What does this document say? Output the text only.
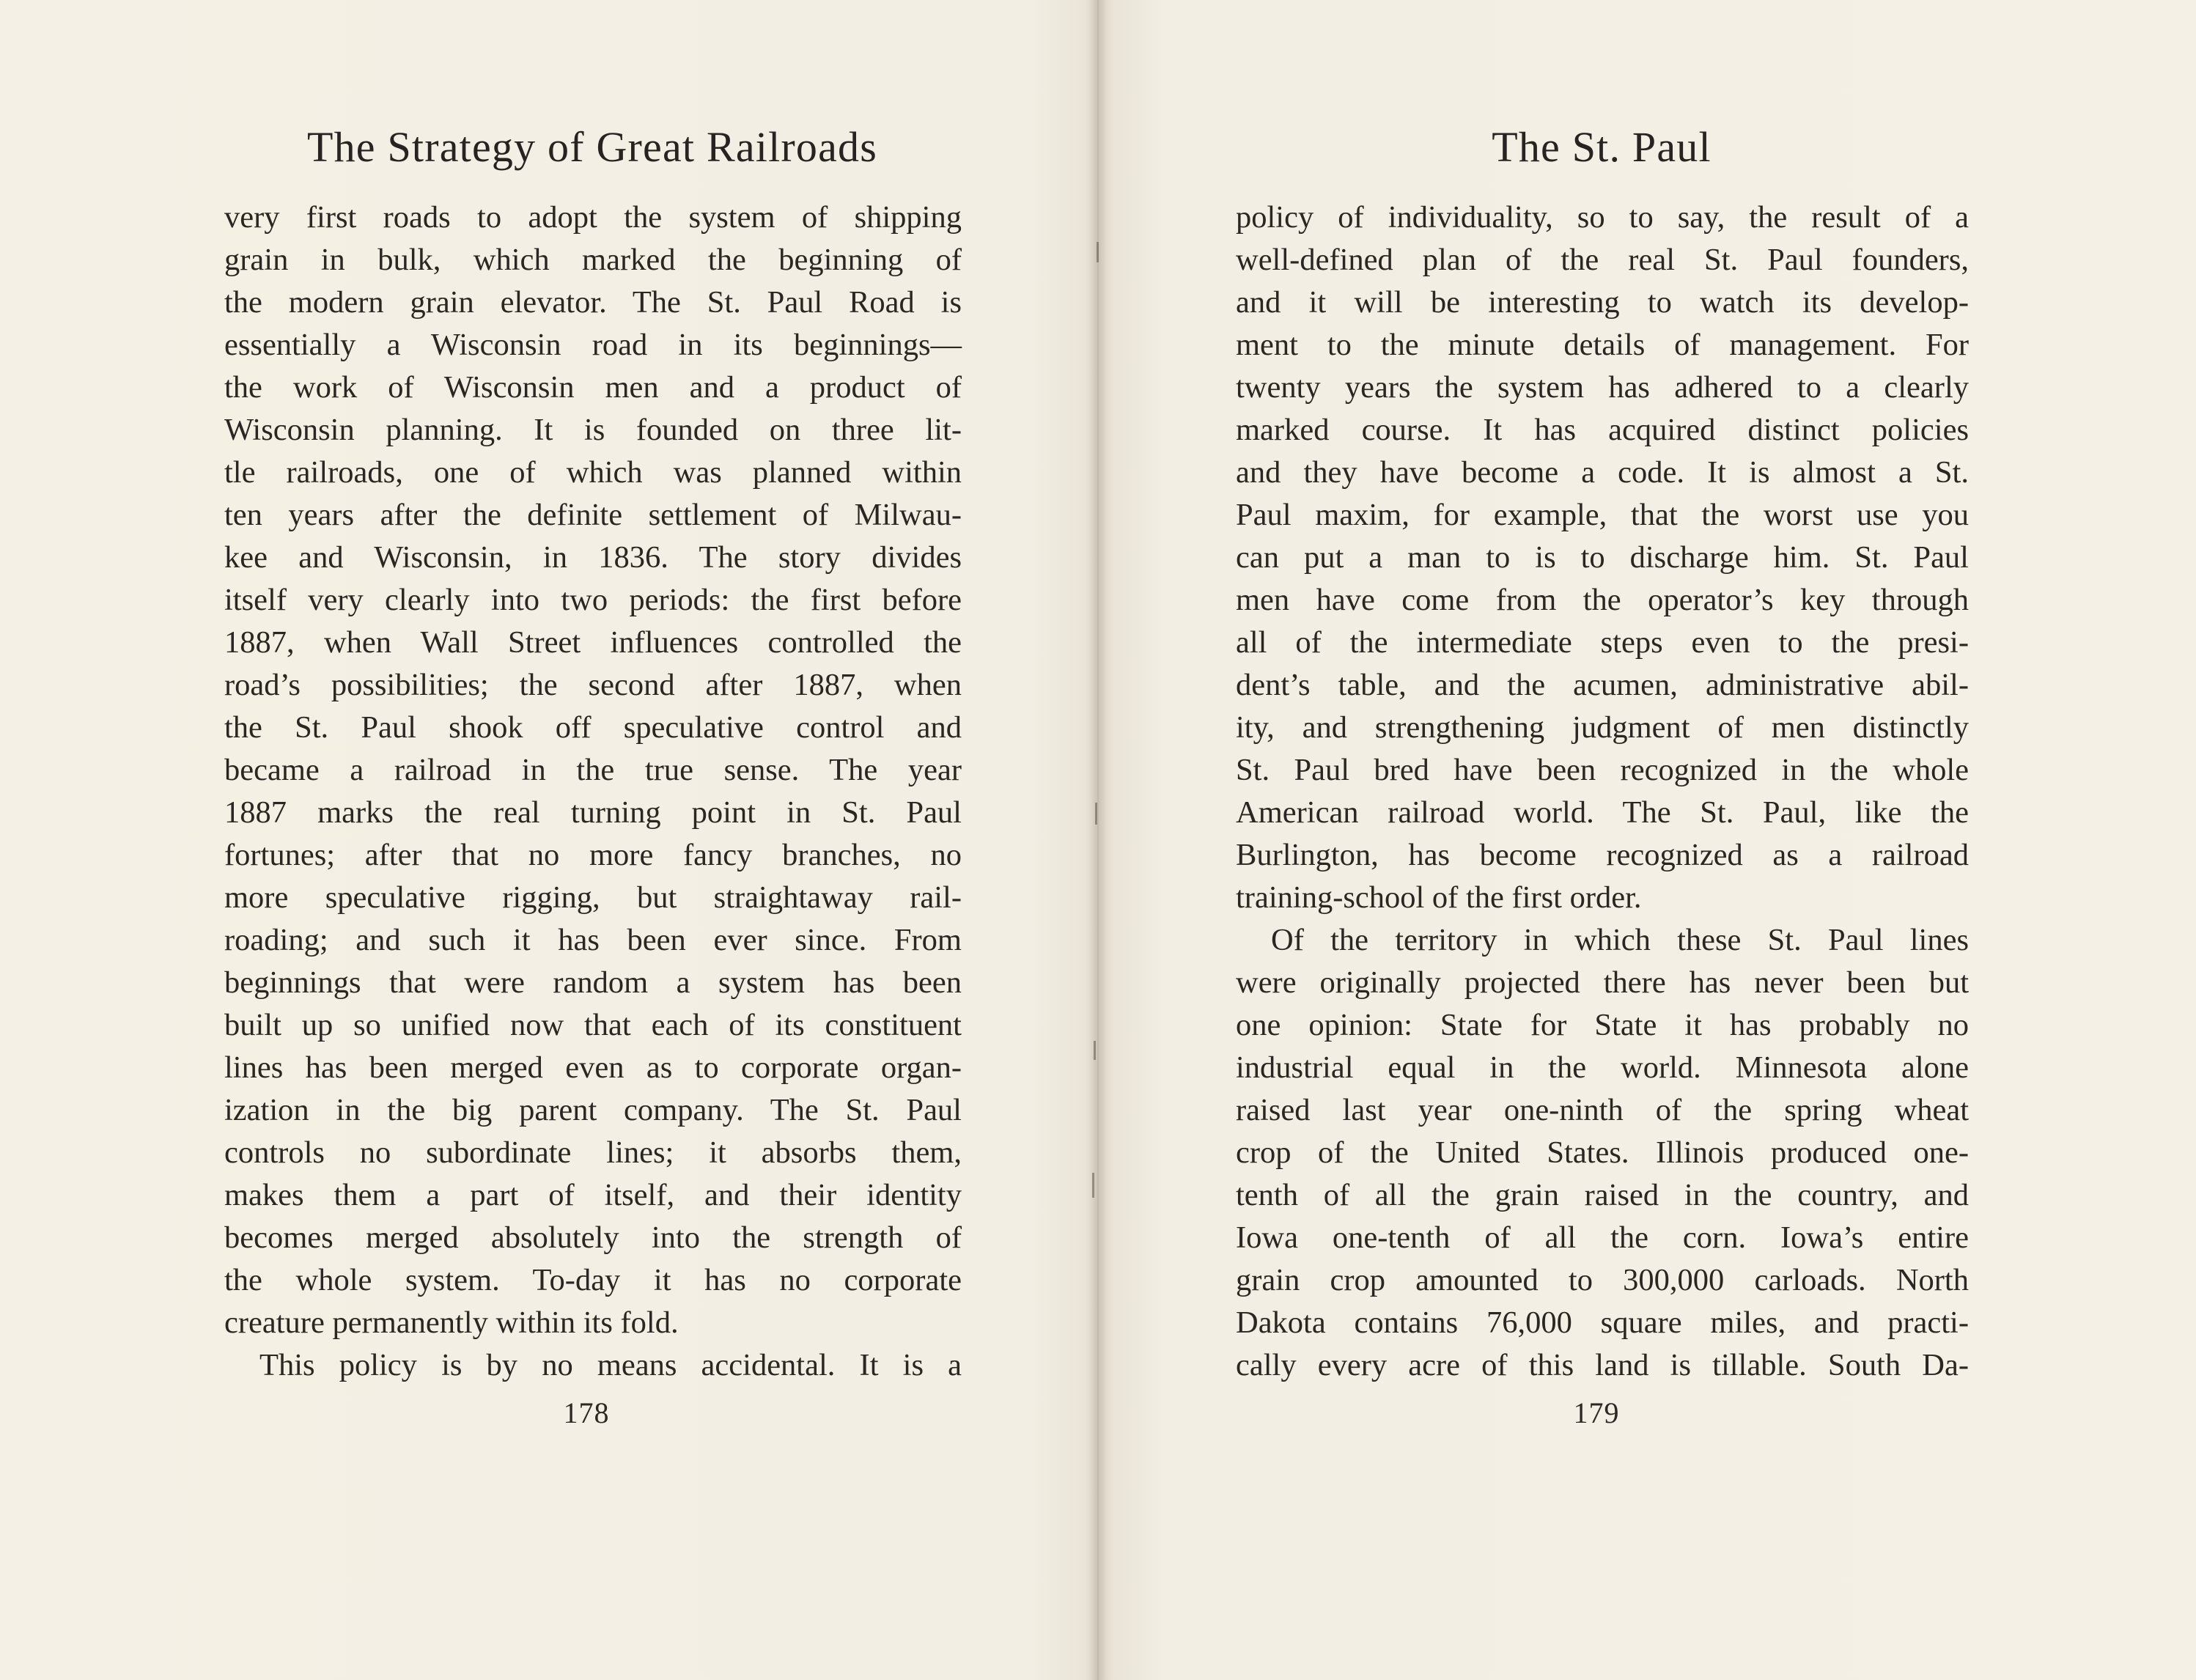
The Strategy of Great Railroads
very first roads to adopt the system of shipping
grain in bulk, which marked the beginning of
the modern grain elevator. The St. Paul Road is
essentially a Wisconsin road in its beginnings—
the work of Wisconsin men and a product of
Wisconsin planning. It is founded on three lit-
tle railroads, one of which was planned within
ten years after the definite settlement of Milwau-
kee and Wisconsin, in 1836. The story divides
itself very clearly into two periods: the first before
1887, when Wall Street influences controlled the
road’s possibilities; the second after 1887, when
the St. Paul shook off speculative control and
became a railroad in the true sense. The year
1887 marks the real turning point in St. Paul
fortunes; after that no more fancy branches, no
more speculative rigging, but straightaway rail-
roading; and such it has been ever since. From
beginnings that were random a system has been
built up so unified now that each of its constituent
lines has been merged even as to corporate organ-
ization in the big parent company. The St. Paul
controls no subordinate lines; it absorbs them,
makes them a part of itself, and their identity
becomes merged absolutely into the strength of
the whole system. To-day it has no corporate
creature permanently within its fold.
This policy is by no means accidental. It is a
178
The St. Paul
policy of individuality, so to say, the result of a
well-defined plan of the real St. Paul founders,
and it will be interesting to watch its develop-
ment to the minute details of management. For
twenty years the system has adhered to a clearly
marked course. It has acquired distinct policies
and they have become a code. It is almost a St.
Paul maxim, for example, that the worst use you
can put a man to is to discharge him. St. Paul
men have come from the operator’s key through
all of the intermediate steps even to the presi-
dent’s table, and the acumen, administrative abil-
ity, and strengthening judgment of men distinctly
St. Paul bred have been recognized in the whole
American railroad world. The St. Paul, like the
Burlington, has become recognized as a railroad
training-school of the first order.
Of the territory in which these St. Paul lines
were originally projected there has never been but
one opinion: State for State it has probably no
industrial equal in the world. Minnesota alone
raised last year one-ninth of the spring wheat
crop of the United States. Illinois produced one-
tenth of all the grain raised in the country, and
Iowa one-tenth of all the corn. Iowa’s entire
grain crop amounted to 300,000 carloads. North
Dakota contains 76,000 square miles, and practi-
cally every acre of this land is tillable. South Da-
179
